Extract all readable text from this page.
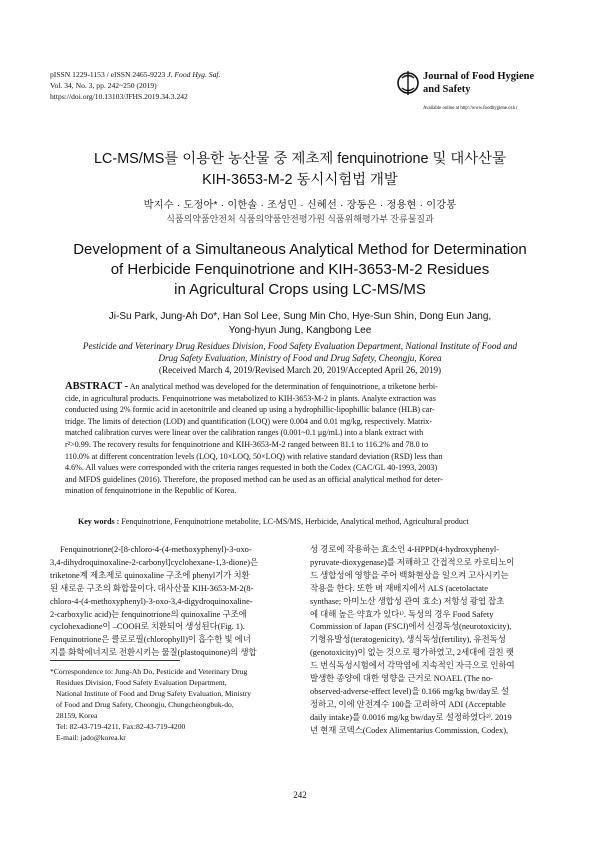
pISSN 1229-1153 / eISSN 2465-9223 J. Food Hyg. Saf.
Vol. 34, No. 3, pp. 242~250 (2019)
https://doi.org/10.13103/JFHS.2019.34.3.242
Journal of Food Hygiene
and Safety
Available online at http://www.foodhygiene.or.kr
LC-MS/MS를 이용한 농산물 중 제초제 fenquinotrione 및 대사산물
KIH-3653-M-2 동시시험법 개발
박지수 · 도정아* · 이한솔 · 조성민 · 신혜선 · 장동은 · 정용현 · 이강봉
식품의약품안전처 식품의약품안전평가원 식품위해평가부 잔류물질과
Development of a Simultaneous Analytical Method for Determination
of Herbicide Fenquinotrione and KIH-3653-M-2 Residues
in Agricultural Crops using LC-MS/MS
Ji-Su Park, Jung-Ah Do*, Han Sol Lee, Sung Min Cho, Hye-Sun Shin, Dong Eun Jang,
Yong-hyun Jung, Kangbong Lee
Pesticide and Veterinary Drug Residues Division, Food Safety Evaluation Department, National Institute of Food and
Drug Safety Evaluation, Ministry of Food and Drug Safety, Cheongju, Korea
(Received March 4, 2019/Revised March 20, 2019/Accepted April 26, 2019)
ABSTRACT - An analytical method was developed for the determination of fenquinotrione, a triketone herbi-
cide, in agricultural products. Fenquinotrione was metabolized to KIH-3653-M-2 in plants. Analyte extraction was
conducted using 2% formic acid in acetonitrile and cleaned up using a hydrophillic-lipophillic balance (HLB) car-
tridge. The limits of detection (LOD) and quantification (LOQ) were 0.004 and 0.01 mg/kg, respectively. Matrix-
matched calibration curves were linear over the calibration ranges (0.001~0.1 μg/mL) into a blank extract with
r²>0.99. The recovery results for fenquinotrione and KIH-3653-M-2 ranged between 81.1 to 116.2% and 78.0 to
110.0% at different concentration levels (LOQ, 10×LOQ, 50×LOQ) with relative standard deviation (RSD) less than
4.6%. All values were corresponded with the criteria ranges requested in both the Codex (CAC/GL 40-1993, 2003)
and MFDS guidelines (2016). Therefore, the proposed method can be used as an official analytical method for deter-
mination of fenquinotrione in the Republic of Korea.
Key words : Fenquinotrione, Fenquinotrione metabolite, LC-MS/MS, Herbicide, Analytical method, Agricultural product
Fenquinotrione(2-[8-chloro-4-(4-methoxyphenyl)-3-oxo-
3,4-dihydroquinoxaline-2-carbonyl]cyclohexane-1,3-dione)은
triketone계 제초제로 quinoxaline 구조에 phenyl기가 치환
된 새로운 구조의 화합물이다. 대사산물 KIH-3653-M-2(8-
chloro-4-(4-methoxyphenyl)-3-oxo-3,4-digydroquinoxaline-
2-carboxylic acid)는 fenquinotrione의 quinoxaline 구조에
cyclohexadione이 –COOH로 치환되어 생성된다(Fig. 1).
Fenquinotrione은 클로로필(chlorophyll)이 흡수한 빛 에너
지를 화학에너지로 전환시키는 물질(plastoquinone)의 생합
성 경로에 작용하는 효소인 4-HPPD(4-hydroxyphenyl-
pyruvate-dioxygenase)를 저해하고 간접적으로 카로티노이
드 생합성에 영향을 주어 백화현상을 일으켜 고사시키는
작용을 한다. 또한 벼 재배지에서 ALS (acetolactate
synthase; 아미노산 생합성 관여 효소) 저항성 광엽 잡초
에 대해 높은 약효가 있다¹⁾. 독성의 경우 Food Safety
Commission of Japan (FSCJ)에서 신경독성(neurotoxicity),
기형유발성(teratogenicity), 생식독성(fertility), 유전독성
(genotoxicity)이 없는 것으로 평가하였고, 2세대에 걸친 랫
드 번식독성시험에서 각막염에 지속적인 자극으로 인하여
발생한 종양에 대한 영향을 근거로 NOAEL (The no-
observed-adverse-effect level)을 0.166 mg/kg bw/day로 설
정하고, 이에 안전계수 100을 고려하여 ADI (Acceptable
daily intake)를 0.0016 mg/kg bw/day로 설정하였다²⁾. 2019
년 현재 코덱스(Codex Alimentarius Commission, Codex),
*Correspondence to: Jung-Ah Do, Pesticide and Veterinary Drug
Residues Division, Food Safety Evaluation Department,
National Institute of Food and Drug Safety Evaluation, Ministry
of Food and Drug Safety, Cheongju, Chungcheongbuk-do,
28159, Korea
Tel: 82-43-719-4211, Fax:82-43-719-4200
E-mail: jado@korea.kr
242
